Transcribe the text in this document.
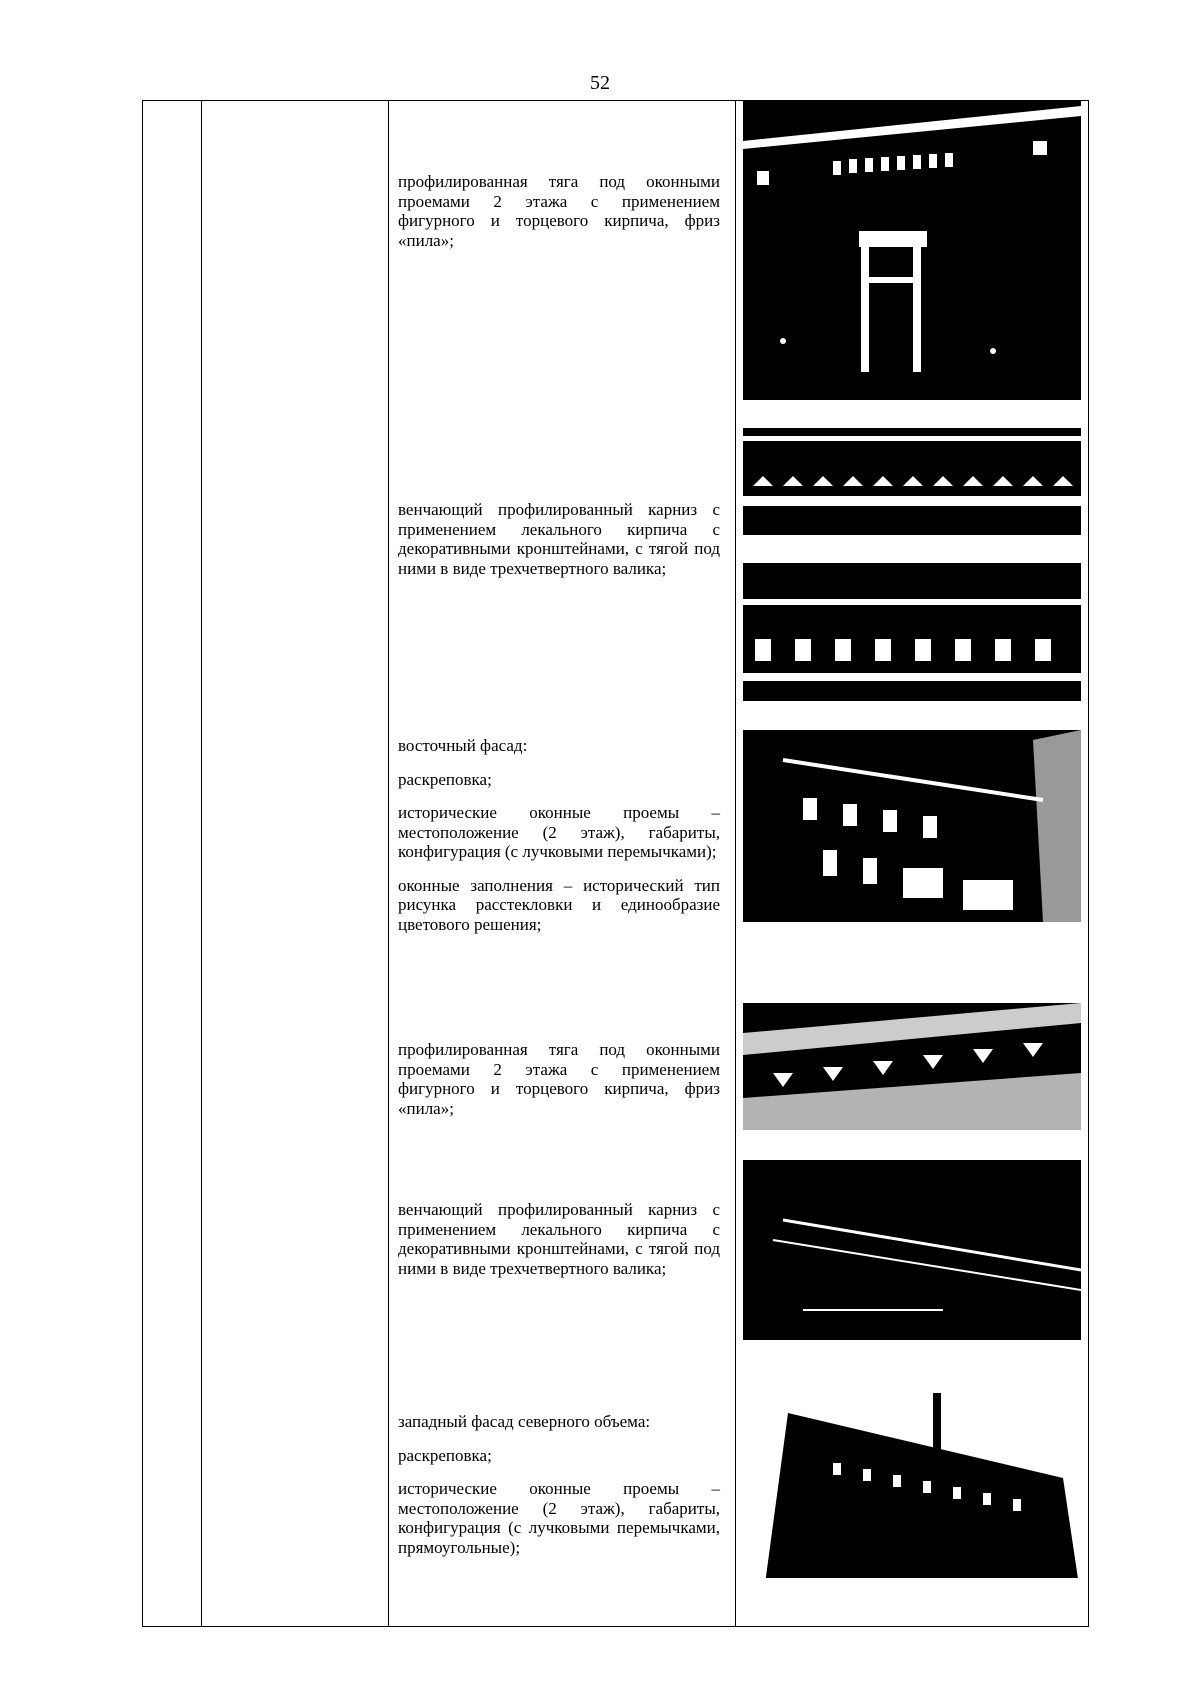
52

профилированная тяга под оконными проемами 2 этажа с применением фигурного и торцевого кирпича, фриз «пила»;

венчающий профилированный карниз с применением лекального кирпича с декоративными кронштейнами, с тягой под ними в виде трехчетвертного валика;

восточный фасад:

раскреповка;

исторические оконные проемы – местоположение (2 этаж), габариты, конфигурация (с лучковыми перемычками);

оконные заполнения – исторический тип рисунка расстекловки и единообразие цветового решения;

профилированная тяга под оконными проемами 2 этажа с применением фигурного и торцевого кирпича, фриз «пила»;

венчающий профилированный карниз с применением лекального кирпича с декоративными кронштейнами, с тягой под ними в виде трехчетвертного валика;

западный фасад северного объема:

раскреповка;

исторические оконные проемы – местоположение (2 этаж), габариты, конфигурация (с лучковыми перемычками, прямоугольные);
